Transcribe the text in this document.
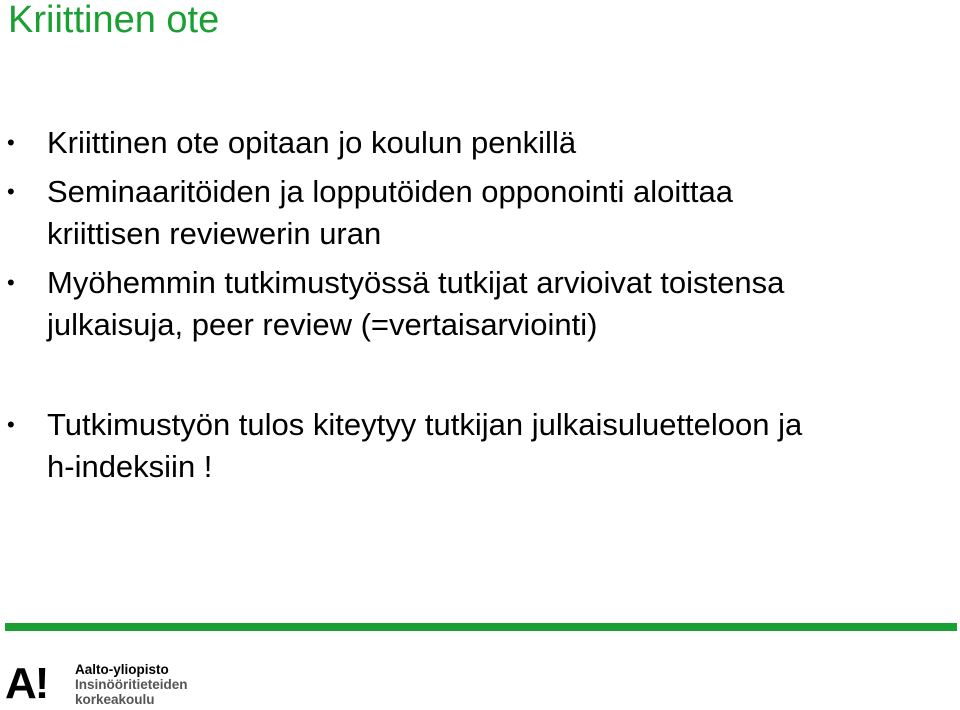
Kriittinen ote
• Kriittinen ote opitaan jo koulun penkillä
• Seminaaritöiden ja lopputöiden opponointi aloittaa
kriittisen reviewerin uran
• Myöhemmin tutkimustyössä tutkijat arvioivat toistensa
julkaisuja, peer review (=vertaisarviointi)
• Tutkimustyön tulos kiteytyy tutkijan julkaisuluetteloon ja
h-indeksiin !
A! Aalto-yliopisto
Insinööritieteiden
korkeakoulu
